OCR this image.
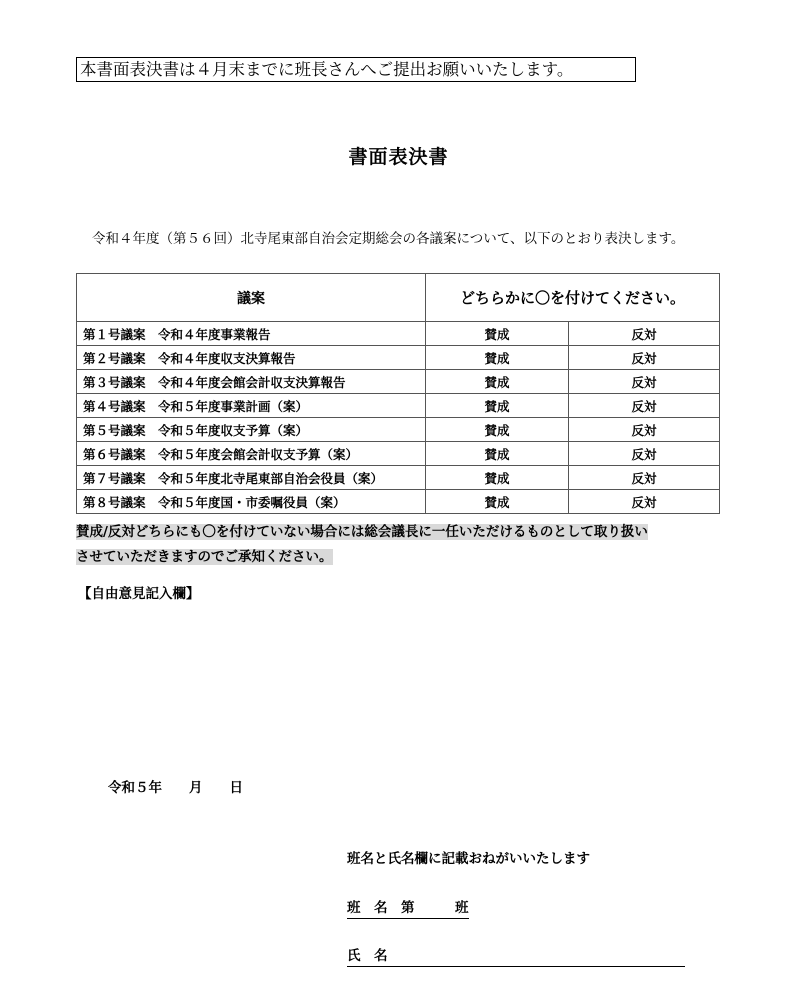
本書面表決書は４月末までに班長さんへご提出お願いいたします。
書面表決書
令和４年度（第５６回）北寺尾東部自治会定期総会の各議案について、以下のとおり表決します。
議案	どちらかに〇を付けてください。	
第１号議案　令和４年度事業報告	賛成	反対
第２号議案　令和４年度収支決算報告	賛成	反対
第３号議案　令和４年度会館会計収支決算報告	賛成	反対
第４号議案　令和５年度事業計画（案）	賛成	反対
第５号議案　令和５年度収支予算（案）	賛成	反対
第６号議案　令和５年度会館会計収支予算（案）	賛成	反対
第７号議案　令和５年度北寺尾東部自治会役員（案）	賛成	反対
第８号議案　令和５年度国・市委嘱役員（案）	賛成	反対
賛成/反対どちらにも〇を付けていない場合には総会議長に一任いただけるものとして取り扱い
させていただきますのでご承知ください。
【自由意見記入欄】
令和５年　　月　　日
班名と氏名欄に記載おねがいいたします
班　名　第　　　班
氏　名
